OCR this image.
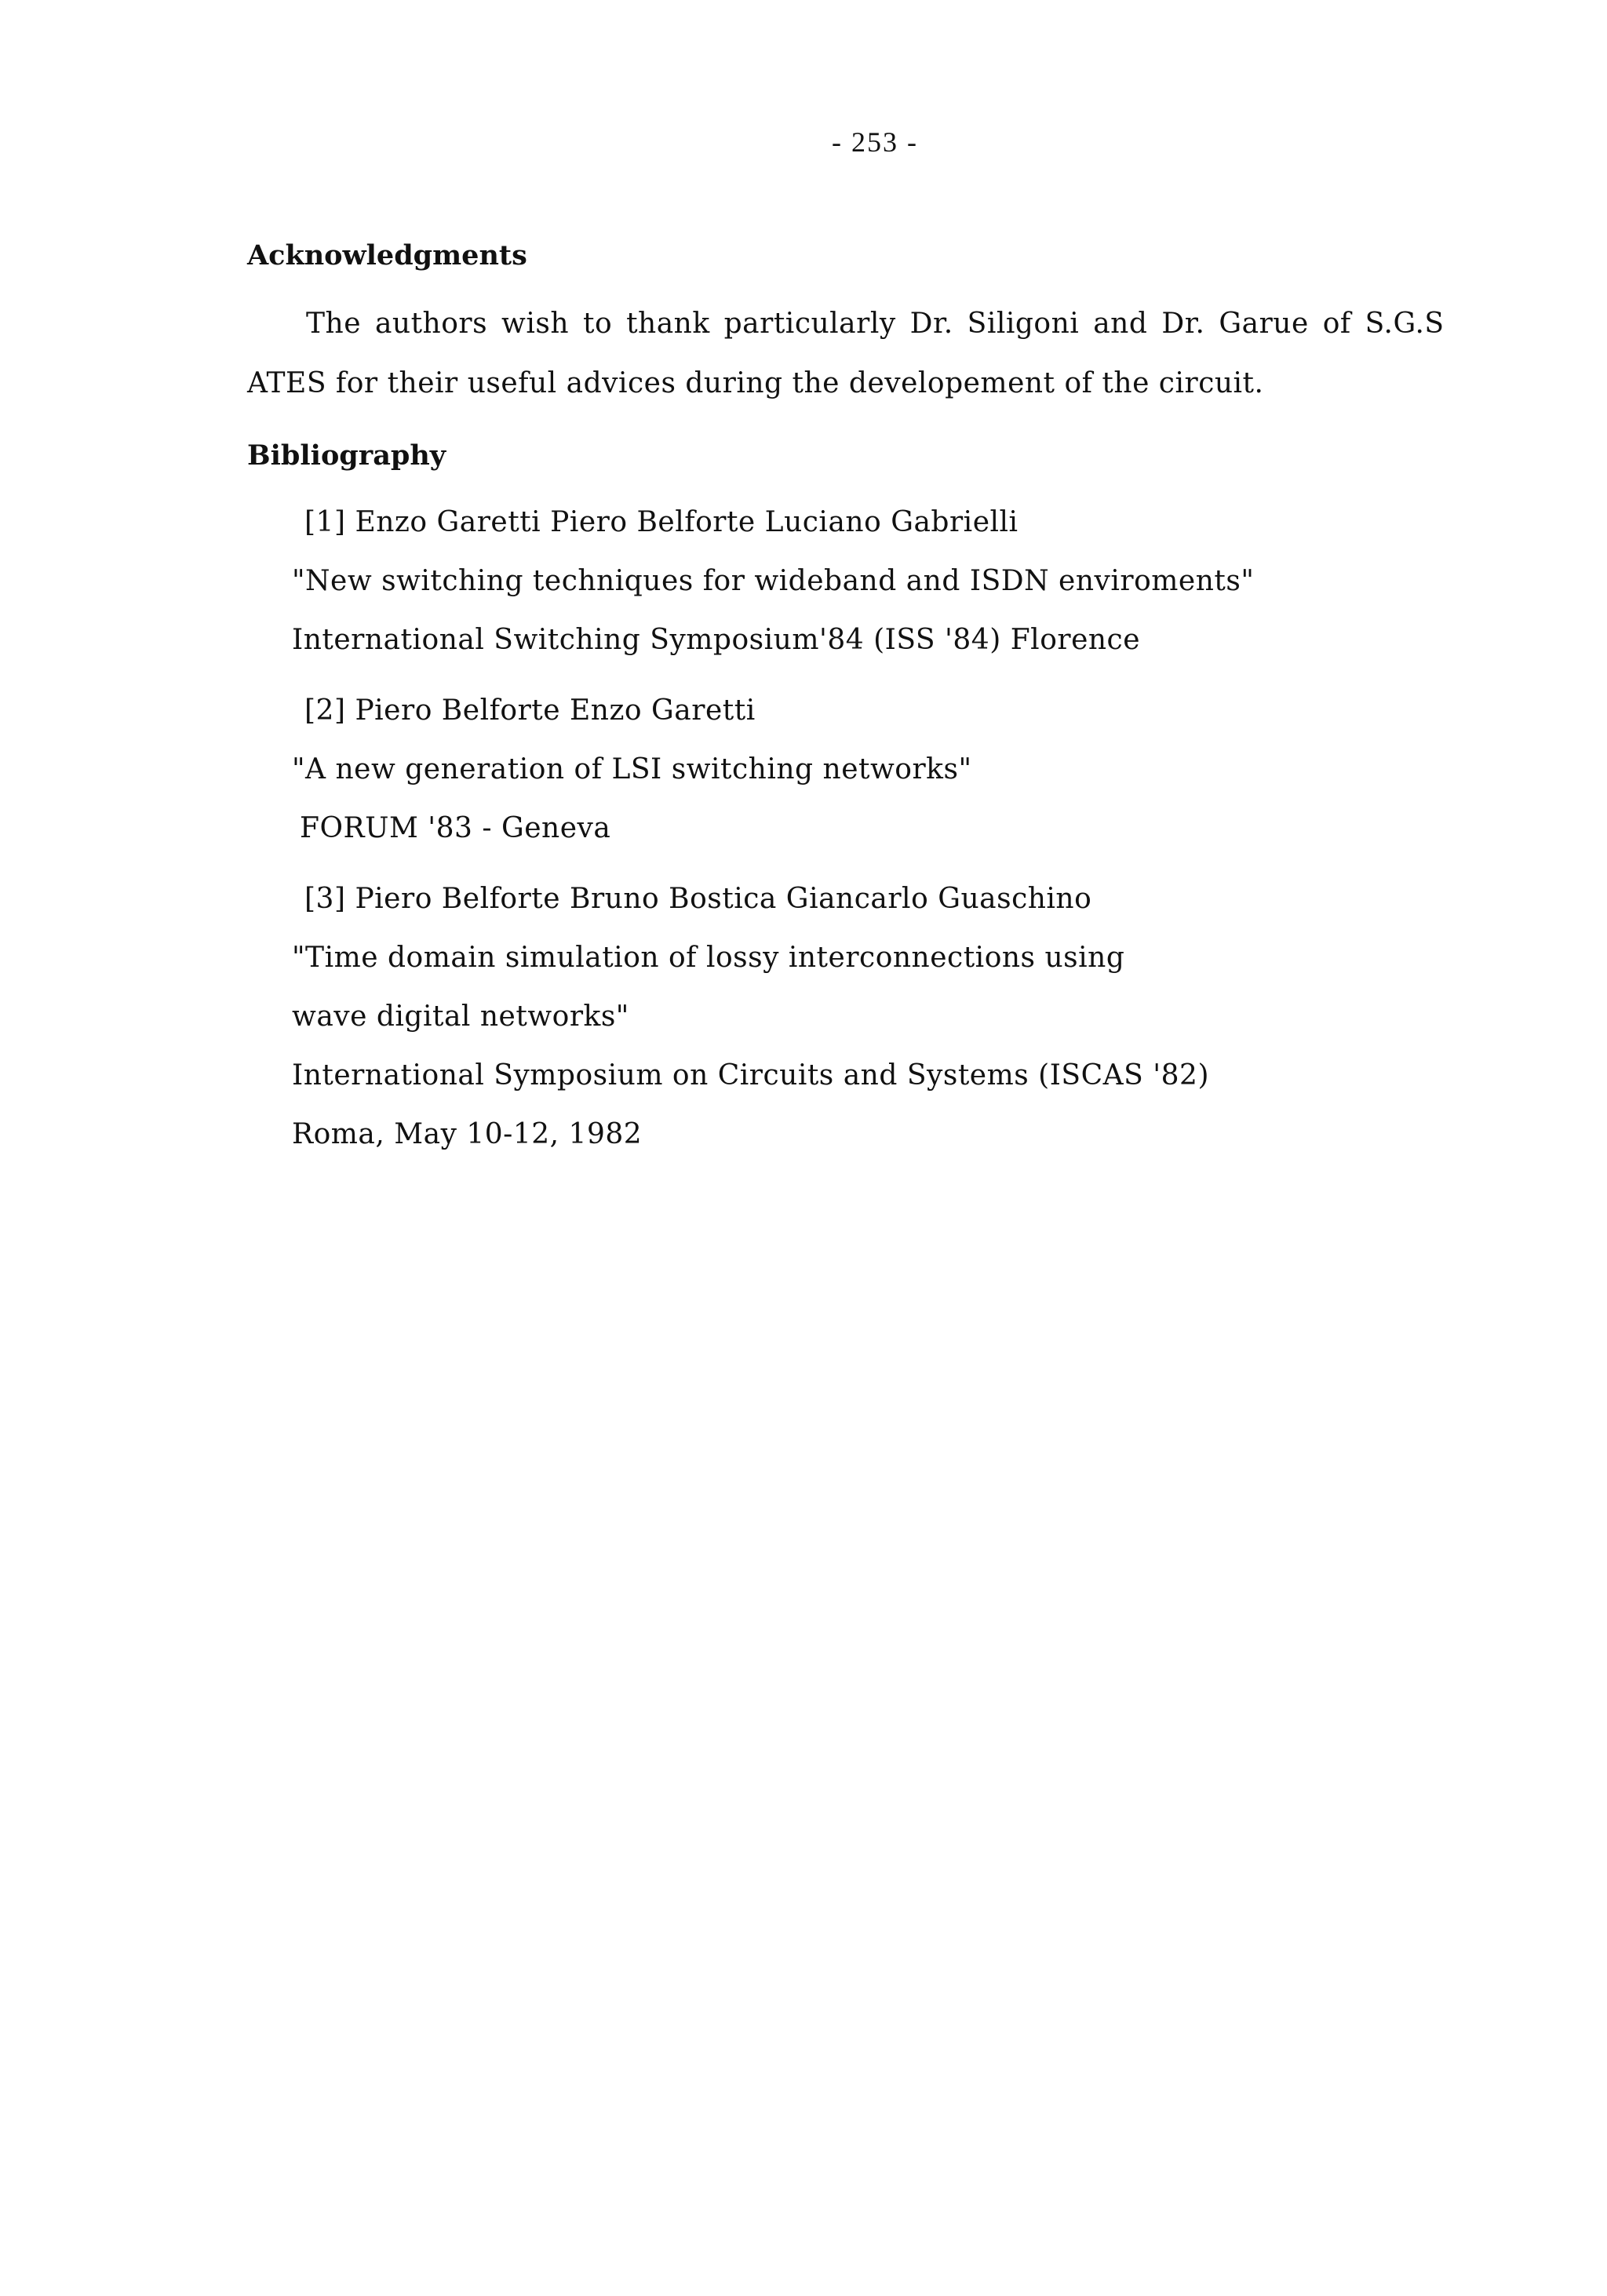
- 253 -
Acknowledgments
The authors wish to thank particularly Dr. Siligoni and Dr. Garue of S.G.S
ATES for their useful advices during the developement of the circuit.
Bibliography
[1] Enzo Garetti Piero Belforte Luciano Gabrielli
"New switching techniques for wideband and ISDN enviroments"
International Switching Symposium'84 (ISS '84) Florence
[2] Piero Belforte Enzo Garetti
"A new generation of LSI switching networks"
FORUM '83 - Geneva
[3] Piero Belforte Bruno Bostica Giancarlo Guaschino
"Time domain simulation of lossy interconnections using
wave digital networks"
International Symposium on Circuits and Systems (ISCAS '82)
Roma, May 10-12, 1982
